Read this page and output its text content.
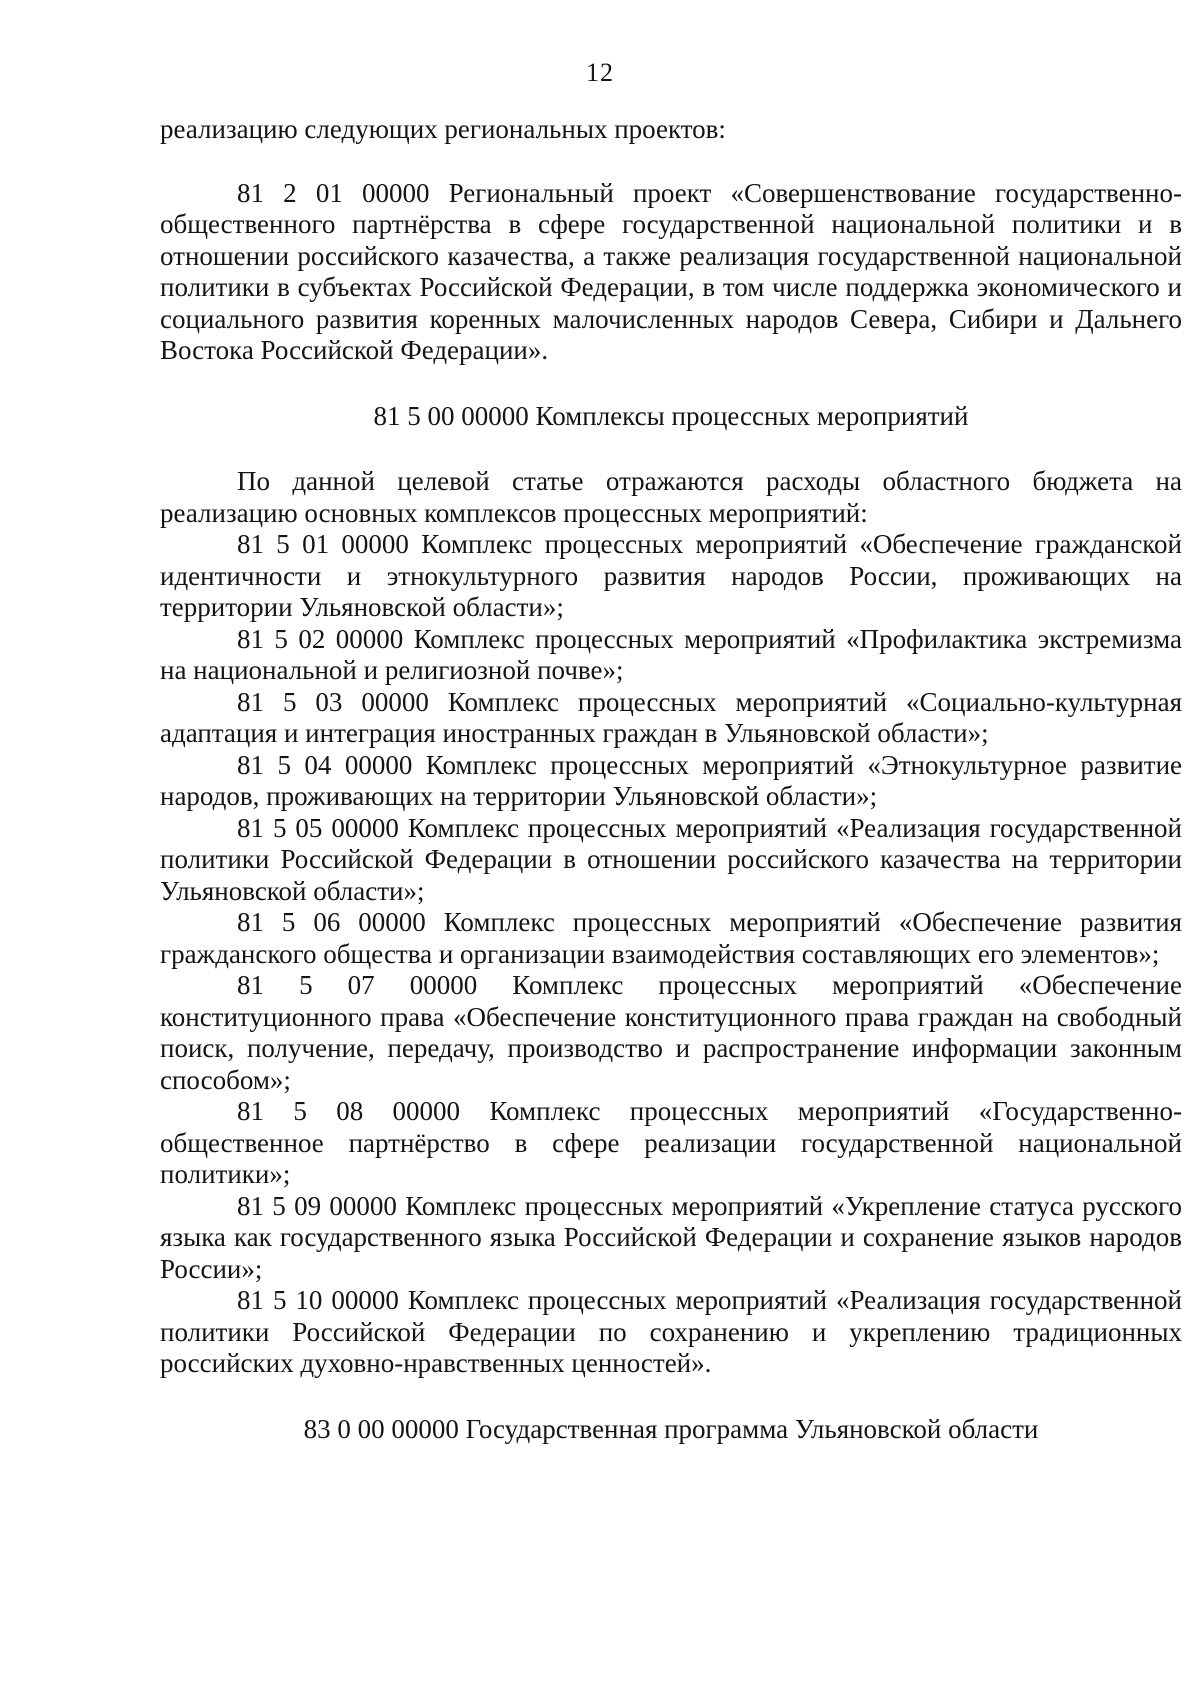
12

реализацию следующих региональных проектов:

81 2 01 00000 Региональный проект «Совершенствование государственно-общественного партнёрства в сфере государственной национальной политики и в отношении российского казачества, а также реализация государственной национальной политики в субъектах Российской Федерации, в том числе поддержка экономического и социального развития коренных малочисленных народов Севера, Сибири и Дальнего Востока Российской Федерации».

81 5 00 00000 Комплексы процессных мероприятий

По данной целевой статье отражаются расходы областного бюджета на реализацию основных комплексов процессных мероприятий:

81 5 01 00000 Комплекс процессных мероприятий «Обеспечение гражданской идентичности и этнокультурного развития народов России, проживающих на территории Ульяновской области»;

81 5 02 00000 Комплекс процессных мероприятий «Профилактика экстремизма на национальной и религиозной почве»;

81 5 03 00000 Комплекс процессных мероприятий «Социально-культурная адаптация и интеграция иностранных граждан в Ульяновской области»;

81 5 04 00000 Комплекс процессных мероприятий «Этнокультурное развитие народов, проживающих на территории Ульяновской области»;

81 5 05 00000 Комплекс процессных мероприятий «Реализация государственной политики Российской Федерации в отношении российского казачества на территории Ульяновской области»;

81 5 06 00000 Комплекс процессных мероприятий «Обеспечение развития гражданского общества и организации взаимодействия составляющих его элементов»;

81 5 07 00000 Комплекс процессных мероприятий «Обеспечение конституционного права «Обеспечение конституционного права граждан на свободный поиск, получение, передачу, производство и распространение информации законным способом»;

81 5 08 00000 Комплекс процессных мероприятий «Государственно-общественное партнёрство в сфере реализации государственной национальной политики»;

81 5 09 00000 Комплекс процессных мероприятий «Укрепление статуса русского языка как государственного языка Российской Федерации и сохранение языков народов России»;

81 5 10 00000 Комплекс процессных мероприятий «Реализация государственной политики Российской Федерации по сохранению и укреплению традиционных российских духовно-нравственных ценностей».

83 0 00 00000 Государственная программа Ульяновской области
